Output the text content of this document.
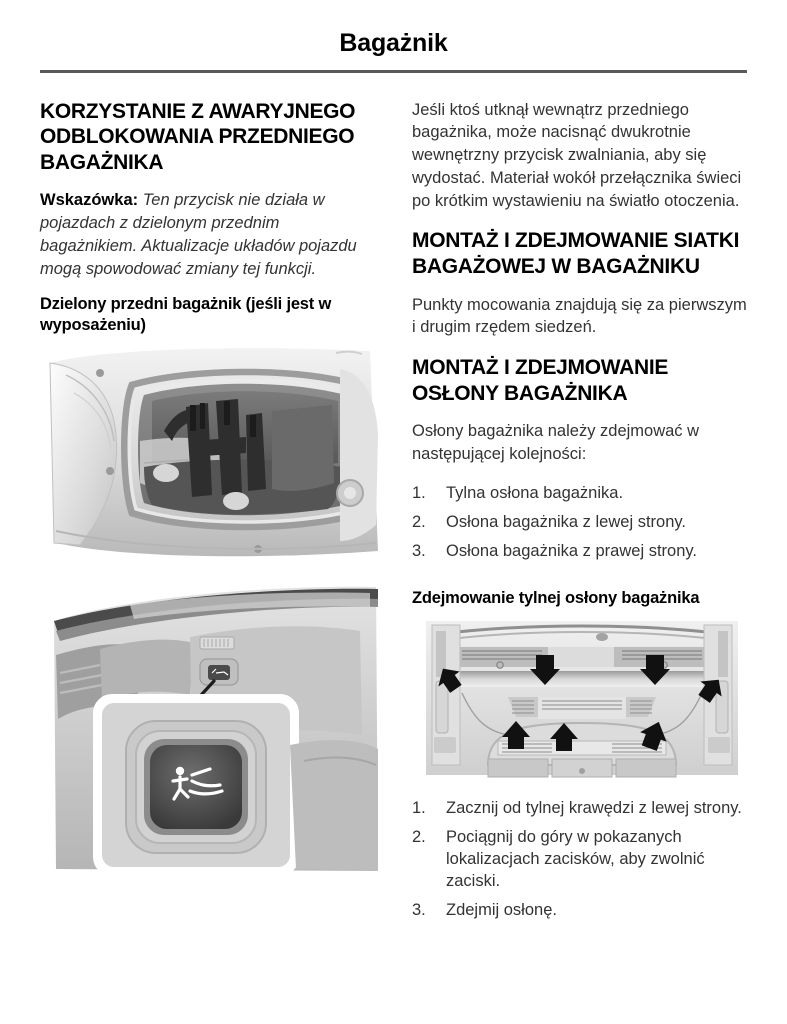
Bagażnik
KORZYSTANIE Z AWARYJNEGO ODBLOKOWANIA PRZEDNIEGO BAGAŻNIKA

Wskazówka: Ten przycisk nie działa w pojazdach z dzielonym przednim bagażnikiem. Aktualizacje układów pojazdu mogą spowodować zmiany tej funkcji.

Dzielony przedni bagażnik (jeśli jest w wyposażeniu)

Jeśli ktoś utknął wewnątrz przedniego bagażnika, może nacisnąć dwukrotnie wewnętrzny przycisk zwalniania, aby się wydostać. Materiał wokół przełącznika świeci po krótkim wystawieniu na światło otoczenia.

MONTAŻ I ZDEJMOWANIE SIATKI BAGAŻOWEJ W BAGAŻNIKU

Punkty mocowania znajdują się za pierwszym i drugim rzędem siedzeń.

MONTAŻ I ZDEJMOWANIE OSŁONY BAGAŻNIKA

Osłony bagażnika należy zdejmować w następującej kolejności:

1.	Tylna osłona bagażnika.
2.	Osłona bagażnika z lewej strony.
3.	Osłona bagażnika z prawej strony.
Zdejmowanie tylnej osłony bagażnika
1.	Zacznij od tylnej krawędzi z lewej strony.
2.	Pociągnij do góry w pokazanych lokalizacjach zacisków, aby zwolnić zaciski.
3.	Zdejmij osłonę.
